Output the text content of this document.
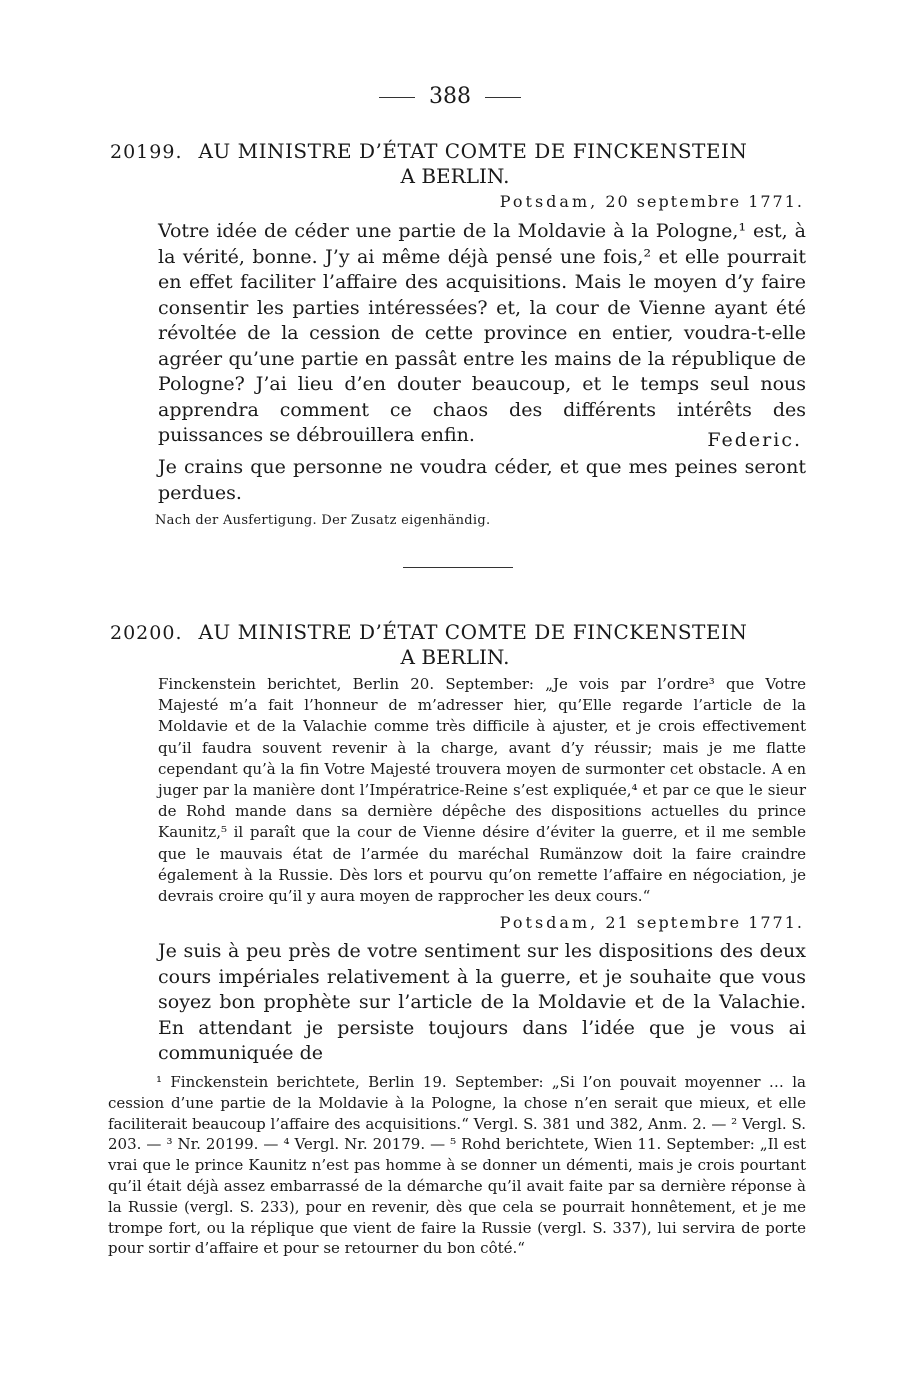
388
20199. AU MINISTRE D’ÉTAT COMTE DE FINCKENSTEIN
A BERLIN.
Potsdam, 20 septembre 1771.
Votre idée de céder une partie de la Moldavie à la Pologne,¹ est, à la vérité, bonne. J’y ai même déjà pensé une fois,² et elle pourrait en effet faciliter l’affaire des acquisitions. Mais le moyen d’y faire consentir les parties intéressées? et, la cour de Vienne ayant été révoltée de la cession de cette province en entier, voudra-t-elle agréer qu’une partie en passât entre les mains de la république de Pologne? J’ai lieu d’en douter beaucoup, et le temps seul nous apprendra comment ce chaos des différents intérêts des puissances se débrouillera enfin.	Federic.
Je crains que personne ne voudra céder, et que mes peines seront perdues.
Nach der Ausfertigung. Der Zusatz eigenhändig.
20200. AU MINISTRE D’ÉTAT COMTE DE FINCKENSTEIN
A BERLIN.
Finckenstein berichtet, Berlin 20. September: „Je vois par l’ordre³ que Votre Majesté m’a fait l’honneur de m’adresser hier, qu’Elle regarde l’article de la Moldavie et de la Valachie comme très difficile à ajuster, et je crois effectivement qu’il faudra souvent revenir à la charge, avant d’y réussir; mais je me flatte cependant qu’à la fin Votre Majesté trouvera moyen de surmonter cet obstacle. A en juger par la manière dont l’Impératrice-Reine s’est expliquée,⁴ et par ce que le sieur de Rohd mande dans sa dernière dépêche des dispositions actuelles du prince Kaunitz,⁵ il paraît que la cour de Vienne désire d’éviter la guerre, et il me semble que le mauvais état de l’armée du maréchal Rumänzow doit la faire craindre également à la Russie. Dès lors et pourvu qu’on remette l’affaire en négociation, je devrais croire qu’il y aura moyen de rapprocher les deux cours.“
Potsdam, 21 septembre 1771.
Je suis à peu près de votre sentiment sur les dispositions des deux cours impériales relativement à la guerre, et je souhaite que vous soyez bon prophète sur l’article de la Moldavie et de la Valachie. En attendant je persiste toujours dans l’idée que je vous ai communiquée de
¹ Finckenstein berichtete, Berlin 19. September: „Si l’on pouvait moyenner … la cession d’une partie de la Moldavie à la Pologne, la chose n’en serait que mieux, et elle faciliterait beaucoup l’affaire des acquisitions.“ Vergl. S. 381 und 382, Anm. 2. — ² Vergl. S. 203. — ³ Nr. 20199. — ⁴ Vergl. Nr. 20179. — ⁵ Rohd berichtete, Wien 11. September: „Il est vrai que le prince Kaunitz n’est pas homme à se donner un démenti, mais je crois pourtant qu’il était déjà assez embarrassé de la démarche qu’il avait faite par sa dernière réponse à la Russie (vergl. S. 233), pour en revenir, dès que cela se pourrait honnêtement, et je me trompe fort, ou la réplique que vient de faire la Russie (vergl. S. 337), lui servira de porte pour sortir d’affaire et pour se retourner du bon côté.“
